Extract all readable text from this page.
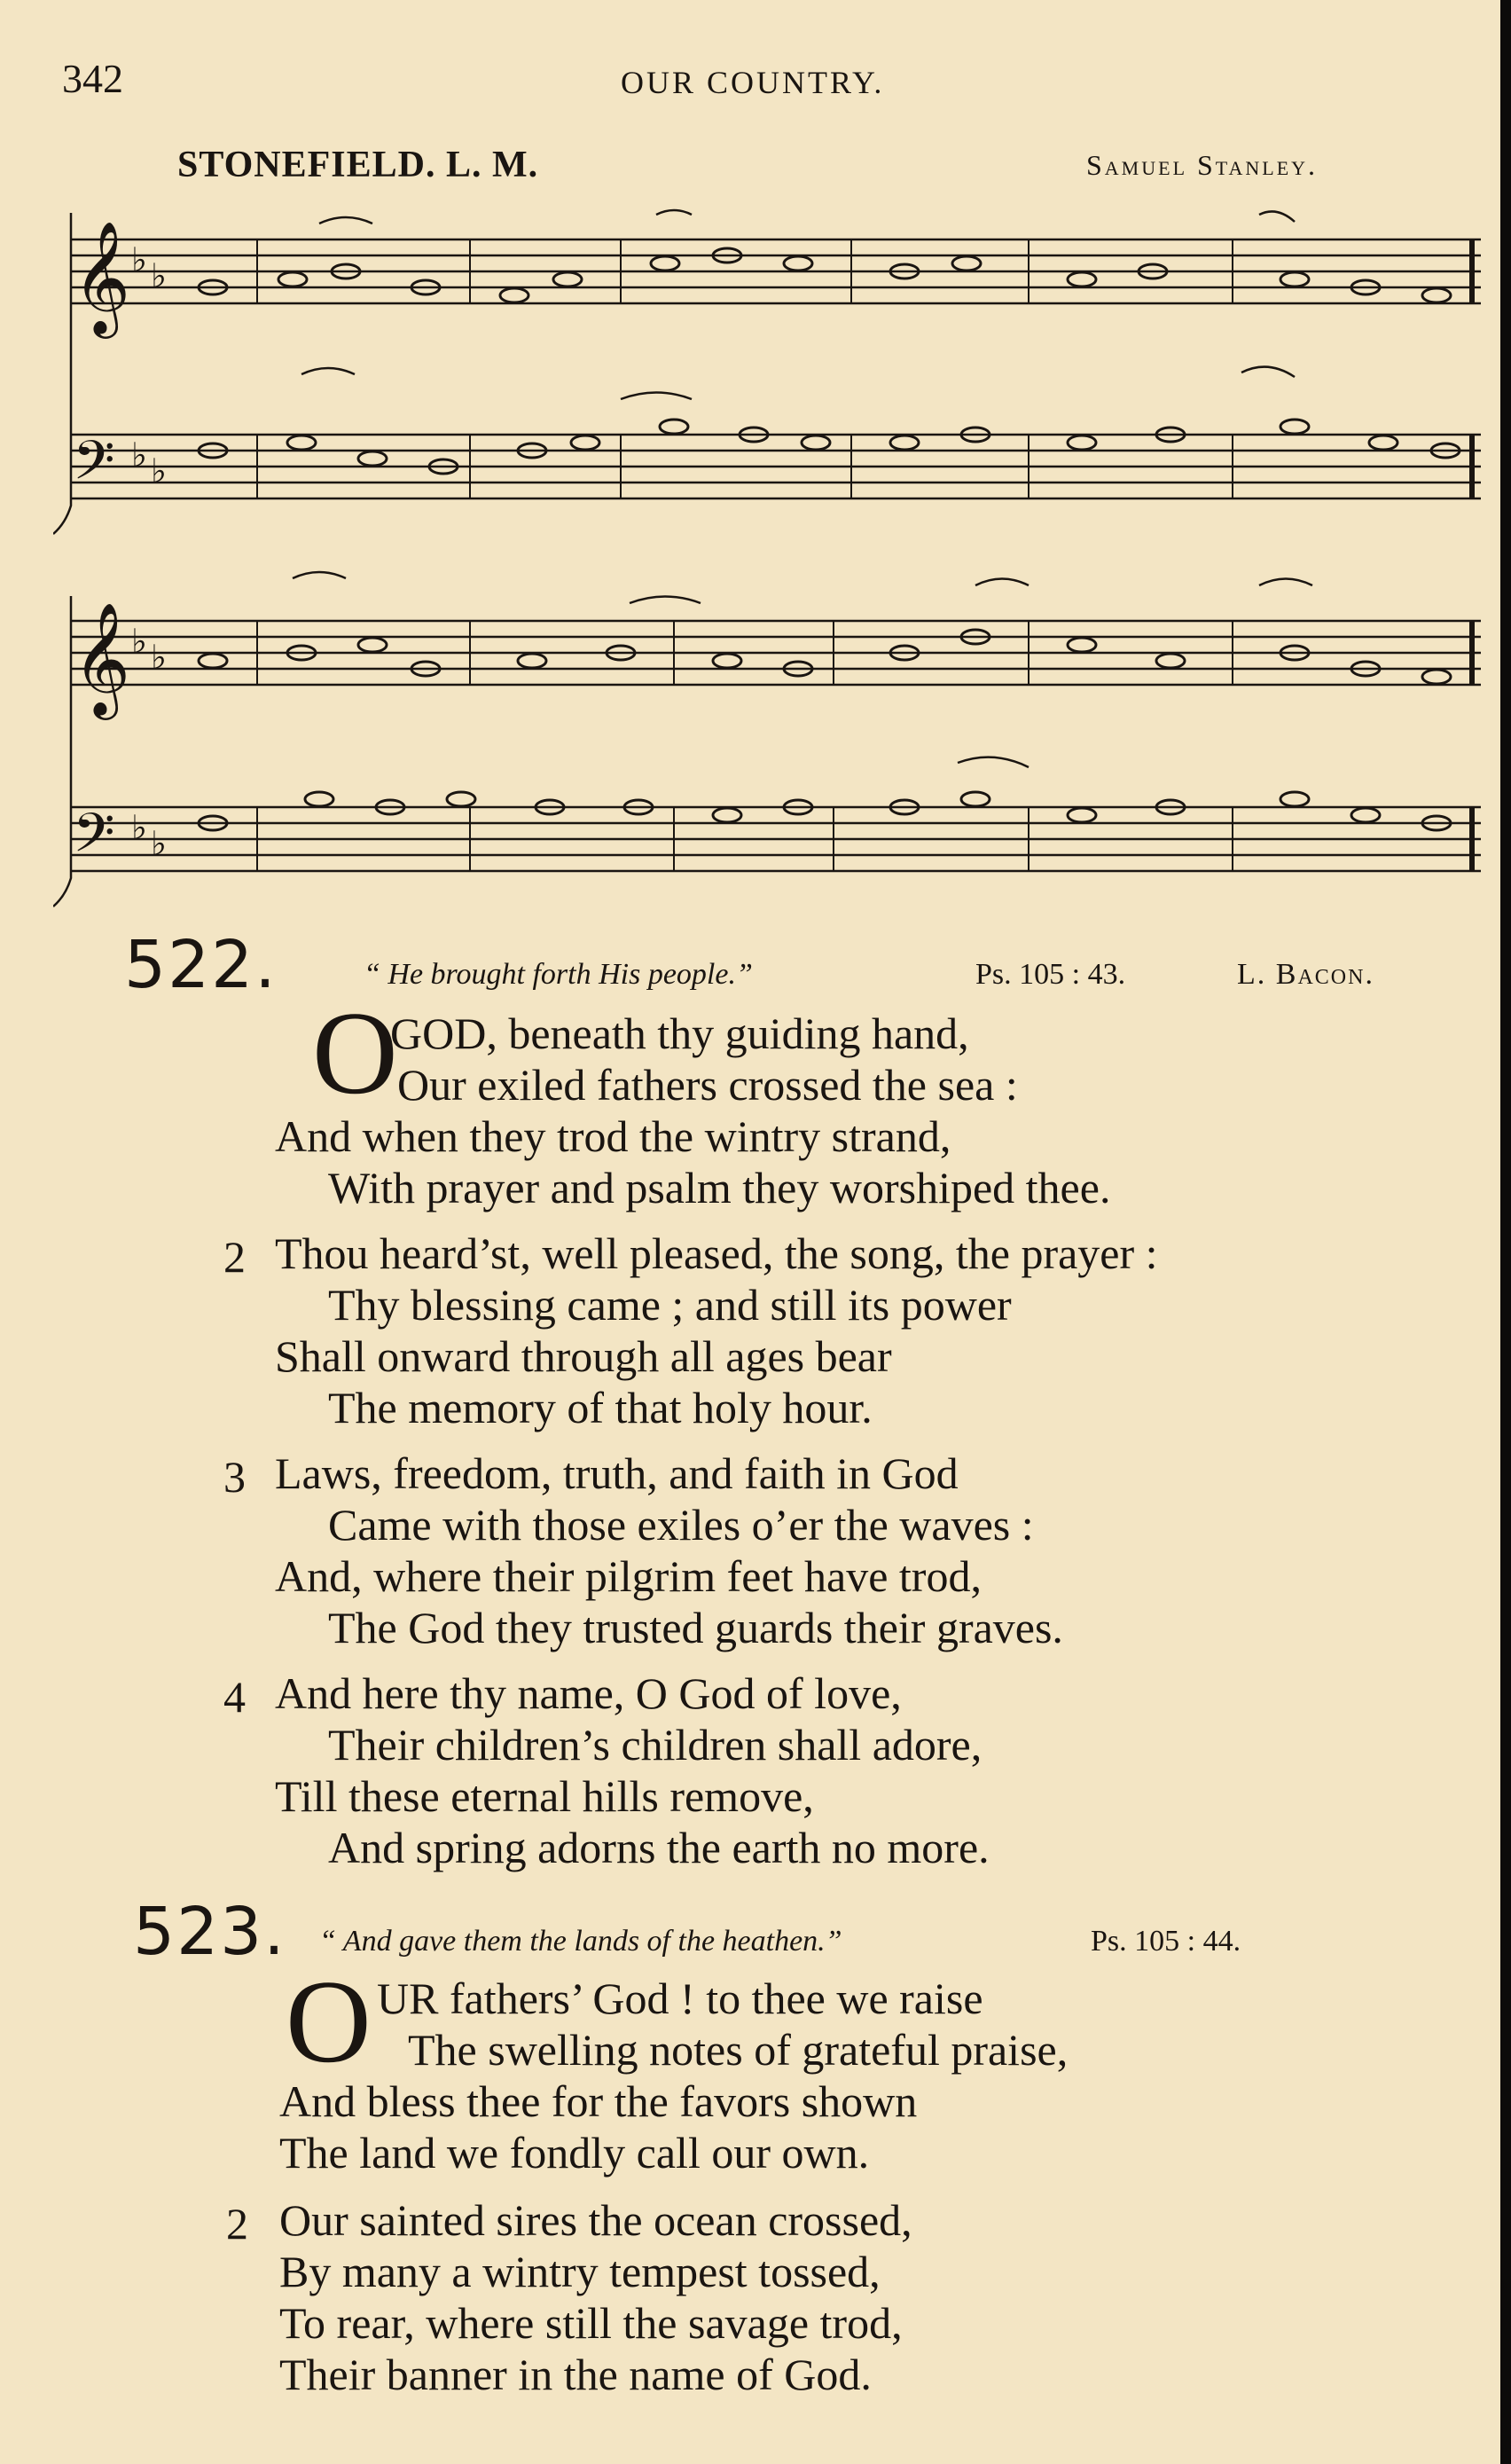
342	OUR COUNTRY.
STONEFIELD. L. M.	Samuel Stanley.
𝄞
𝄢
𝄞
𝄢
♭ ♭
♭ ♭
♭ ♭
♭ ♭
522.	“ He brought forth His people.”	Ps. 105 : 43.	L. Bacon.
O
GOD, beneath thy guiding hand,
Our exiled fathers crossed the sea :
And when they trod the wintry strand,
With prayer and psalm they worshiped thee.
2 Thou heard’st, well pleased, the song, the prayer :
Thy blessing came ; and still its power
Shall onward through all ages bear
The memory of that holy hour.
3 Laws, freedom, truth, and faith in God
Came with those exiles o’er the waves :
And, where their pilgrim feet have trod,
The God they trusted guards their graves.
4 And here thy name, O God of love,
Their children’s children shall adore,
Till these eternal hills remove,
And spring adorns the earth no more.
523. “ And gave them the lands of the heathen.”	Ps. 105 : 44.
O UR fathers’ God ! to thee we raise
The swelling notes of grateful praise,
And bless thee for the favors shown
The land we fondly call our own.
2 Our sainted sires the ocean crossed,
By many a wintry tempest tossed,
To rear, where still the savage trod,
Their banner in the name of God.
